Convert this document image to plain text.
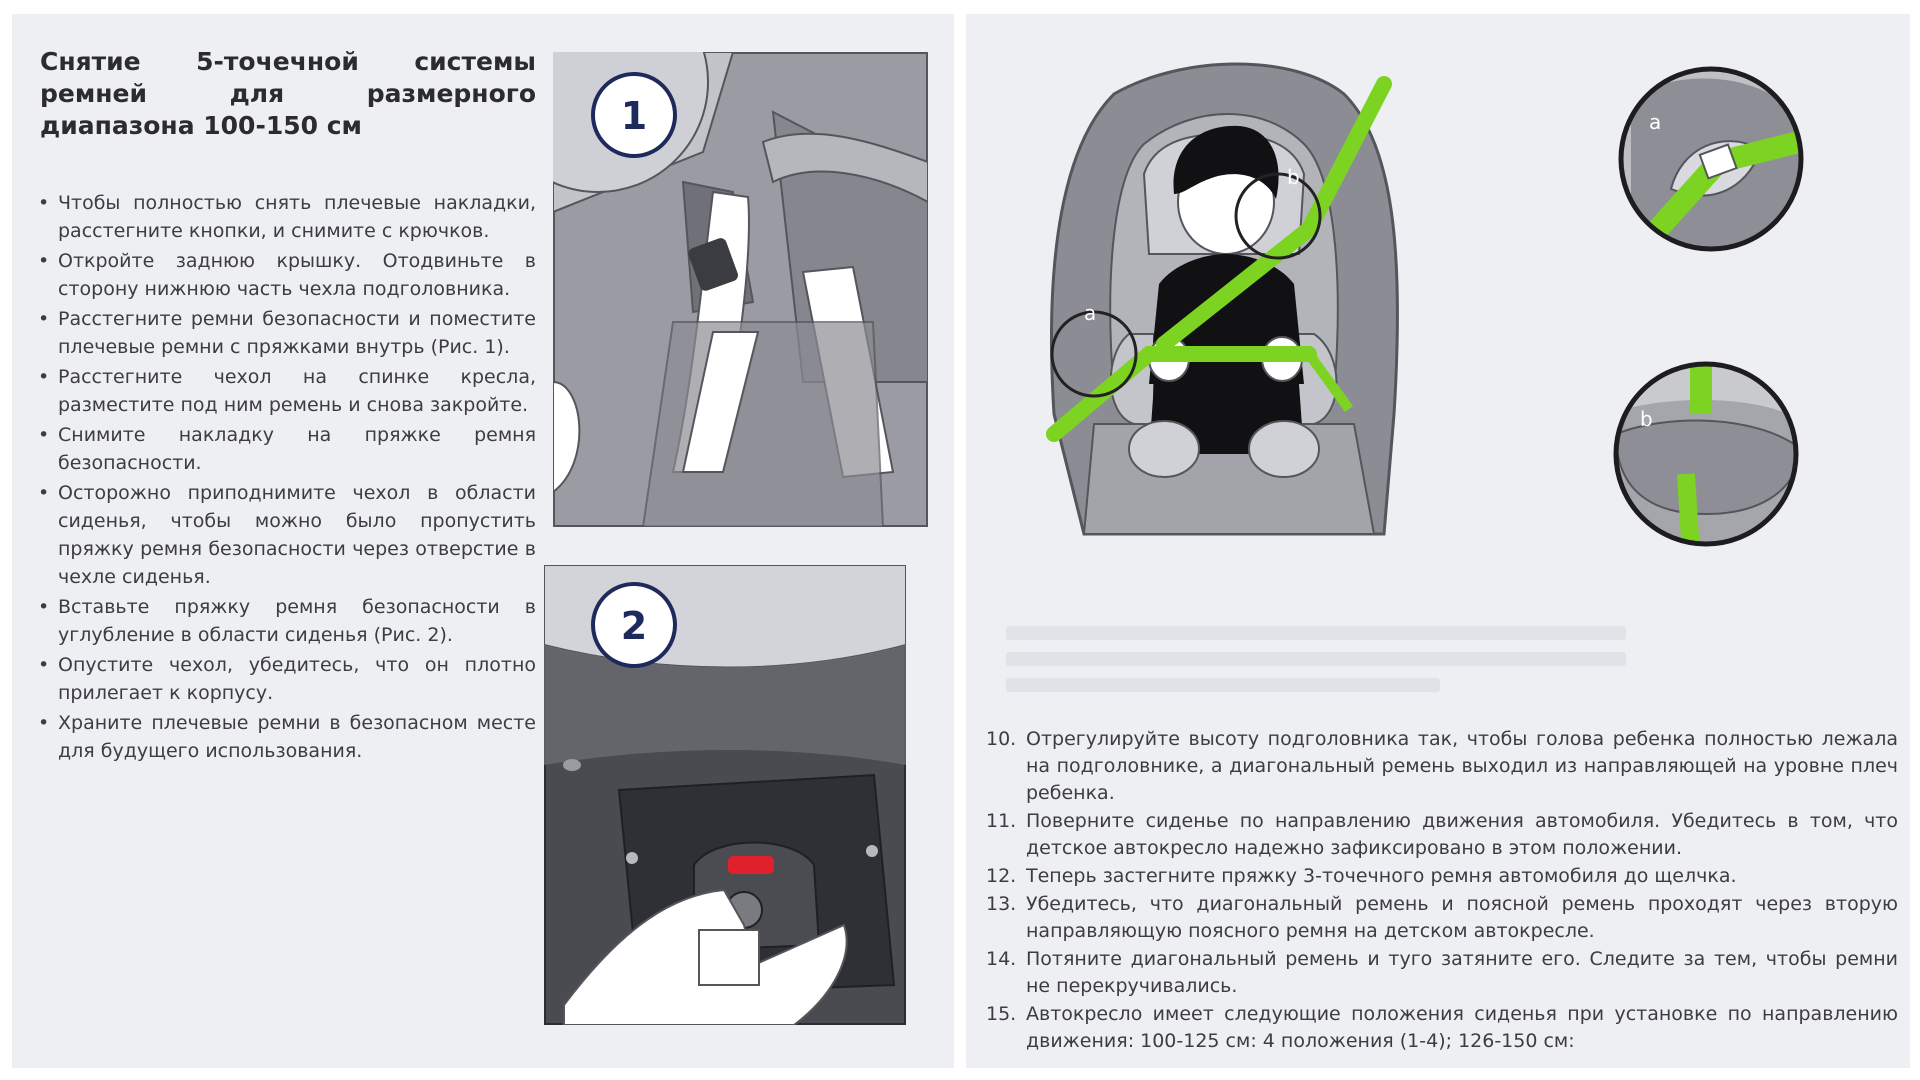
Снятие 5-точечной системы ремней для размерного диапазона 100-150 см
• Чтобы полностью снять плечевые накладки, расстегните кнопки, и снимите с крючков.
• Откройте заднюю крышку. Отодвиньте в сторону нижнюю часть чехла подголовника.
• Расстегните ремни безопасности и поместите плечевые ремни с пряжками внутрь (Рис. 1).
• Расстегните чехол на спинке кресла, разместите под ним ремень и снова закройте.
• Снимите накладку на пряжке ремня безопасности.
• Осторожно приподнимите чехол в области сиденья, чтобы можно было пропустить пряжку ремня безопасности через отверстие в чехле сиденья.
• Вставьте пряжку ремня безопасности в углубление в области сиденья (Рис. 2).
• Опустите чехол, убедитесь, что он плотно прилегает к корпусу.
• Храните плечевые ремни в безопасном месте для будущего использования.
1
2
a
b
a
b
10. Отрегулируйте высоту подголовника так, чтобы голова ребенка полностью лежала на подголовнике, а диагональный ремень выходил из направляющей на уровне плеч ребенка.
11. Поверните сиденье по направлению движения автомобиля. Убедитесь в том, что детское автокресло надежно зафиксировано в этом положении.
12. Теперь застегните пряжку 3-точечного ремня автомобиля до щелчка.
13. Убедитесь, что диагональный ремень и поясной ремень проходят через вторую направляющую поясного ремня на детском автокресле.
14. Потяните диагональный ремень и туго затяните его. Следите за тем, чтобы ремни не перекручивались.
15. Автокресло имеет следующие положения сиденья при установке по направлению движения: 100-125 см: 4 положения (1-4); 126-150 см:
